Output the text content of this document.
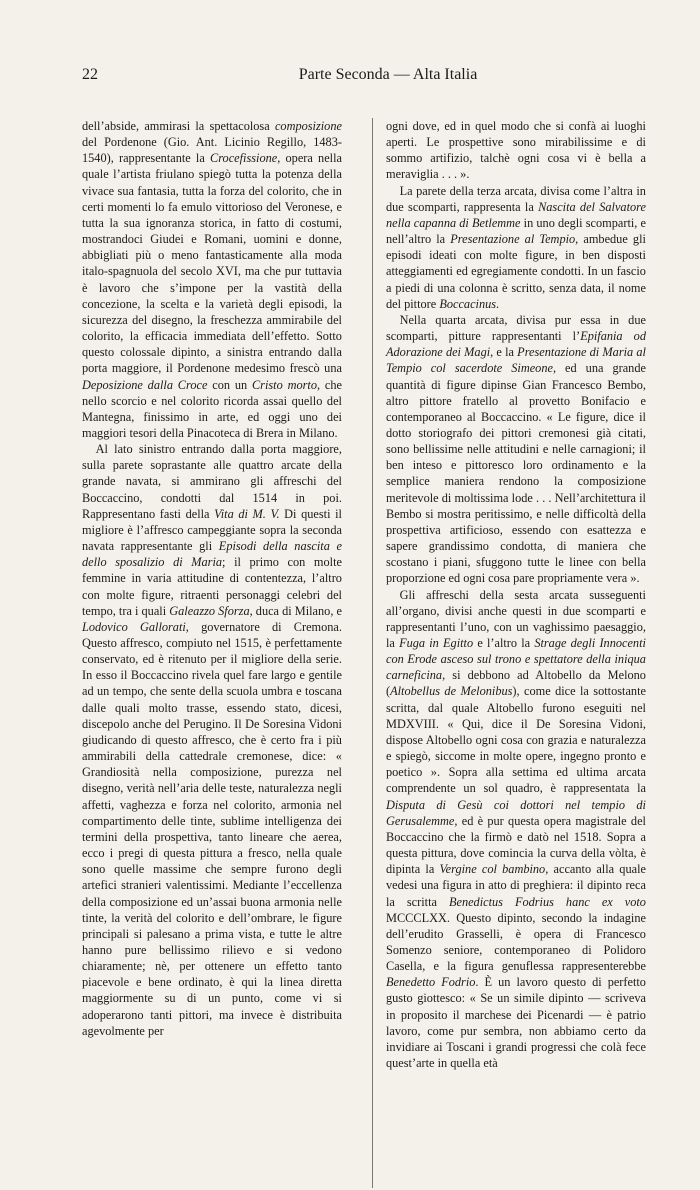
22	Parte Seconda — Alta Italia

dell’abside, ammirasi la spettacolosa composizione del Pordenone (Gio. Ant. Licinio Regillo, 1483-1540), rappresentante la Crocefissione, opera nella quale l’artista friulano spiegò tutta la potenza della vivace sua fantasia, tutta la forza del colorito, che in certi momenti lo fa emulo vittorioso del Veronese, e tutta la sua ignoranza storica, in fatto di costumi, mostrandoci Giudei e Romani, uomini e donne, abbigliati più o meno fantasticamente alla moda italo-spagnuola del secolo XVI, ma che pur tuttavia è lavoro che s’impone per la vastità della concezione, la scelta e la varietà degli episodi, la sicurezza del disegno, la freschezza ammirabile del colorito, la efficacia immediata dell’effetto. Sotto questo colossale dipinto, a sinistra entrando dalla porta maggiore, il Pordenone medesimo frescò una Deposizione dalla Croce con un Cristo morto, che nello scorcio e nel colorito ricorda assai quello del Mantegna, finissimo in arte, ed oggi uno dei maggiori tesori della Pinacoteca di Brera in Milano.

Al lato sinistro entrando dalla porta maggiore, sulla parete soprastante alle quattro arcate della grande navata, si ammirano gli affreschi del Boccaccino, condotti dal 1514 in poi. Rappresentano fasti della Vita di M. V. Di questi il migliore è l’affresco campeggiante sopra la seconda navata rappresentante gli Episodi della nascita e dello sposalizio di Maria; il primo con molte femmine in varia attitudine di contentezza, l’altro con molte figure, ritraenti personaggi celebri del tempo, tra i quali Galeazzo Sforza, duca di Milano, e Lodovico Gallorati, governatore di Cremona. Questo affresco, compiuto nel 1515, è perfettamente conservato, ed è ritenuto per il migliore della serie. In esso il Boccaccino rivela quel fare largo e gentile ad un tempo, che sente della scuola umbra e toscana dalle quali molto trasse, essendo stato, dicesi, discepolo anche del Perugino. Il De Soresina Vidoni giudicando di questo affresco, che è certo fra i più ammirabili della cattedrale cremonese, dice: « Grandiosità nella composizione, purezza nel disegno, verità nell’aria delle teste, naturalezza negli affetti, vaghezza e forza nel colorito, armonia nel compartimento delle tinte, sublime intelligenza dei termini della prospettiva, tanto lineare che aerea, ecco i pregi di questa pittura a fresco, nella quale sono quelle massime che sempre furono degli artefici stranieri valentissimi. Mediante l’eccellenza della composizione ed un’assai buona armonia nelle tinte, la verità del colorito e dell’ombrare, le figure principali si palesano a prima vista, e tutte le altre hanno pure bellissimo rilievo e si vedono chiaramente; nè, per ottenere un effetto tanto piacevole e bene ordinato, è qui la linea diretta maggiormente su di un punto, come vi si adoperarono tanti pittori, ma invece è distribuita agevolmente per

ogni dove, ed in quel modo che si confà ai luoghi aperti. Le prospettive sono mirabilissime e di sommo artifizio, talchè ogni cosa vi è bella a meraviglia . . . ».

La parete della terza arcata, divisa come l’altra in due scomparti, rappresenta la Nascita del Salvatore nella capanna di Betlemme in uno degli scomparti, e nell’altro la Presentazione al Tempio, ambedue gli episodi ideati con molte figure, in ben disposti atteggiamenti ed egregiamente condotti. In un fascio a piedi di una colonna è scritto, senza data, il nome del pittore Boccacinus.

Nella quarta arcata, divisa pur essa in due scomparti, pitture rappresentanti l’Epifania od Adorazione dei Magi, e la Presentazione di Maria al Tempio col sacerdote Simeone, ed una grande quantità di figure dipinse Gian Francesco Bembo, altro pittore fratello al provetto Bonifacio e contemporaneo al Boccaccino. « Le figure, dice il dotto storiografo dei pittori cremonesi già citati, sono bellissime nelle attitudini e nelle carnagioni; il ben inteso e pittoresco loro ordinamento e la semplice maniera rendono la composizione meritevole di moltissima lode . . . Nell’architettura il Bembo si mostra peritissimo, e nelle difficoltà della prospettiva artificioso, essendo con esattezza e sapere grandissimo condotta, di maniera che scostano i piani, sfuggono tutte le linee con bella proporzione ed ogni cosa pare propriamente vera ».

Gli affreschi della sesta arcata susseguenti all’organo, divisi anche questi in due scomparti e rappresentanti l’uno, con un vaghissimo paesaggio, la Fuga in Egitto e l’altro la Strage degli Innocenti con Erode asceso sul trono e spettatore della iniqua carneficina, si debbono ad Altobello da Melono (Altobellus de Melonibus), come dice la sottostante scritta, dal quale Altobello furono eseguiti nel MDXVIII. « Qui, dice il De Soresina Vidoni, dispose Altobello ogni cosa con grazia e naturalezza e spiegò, siccome in molte opere, ingegno pronto e poetico ». Sopra alla settima ed ultima arcata comprendente un sol quadro, è rappresentata la Disputa di Gesù coi dottori nel tempio di Gerusalemme, ed è pur questa opera magistrale del Boccaccino che la firmò e datò nel 1518. Sopra a questa pittura, dove comincia la curva della vòlta, è dipinta la Vergine col bambino, accanto alla quale vedesi una figura in atto di preghiera: il dipinto reca la scritta Benedictus Fodrius hanc ex voto MCCCLXX. Questo dipinto, secondo la indagine dell’erudito Grasselli, è opera di Francesco Somenzo seniore, contemporaneo di Polidoro Casella, e la figura genuflessa rappresenterebbe Benedetto Fodrio. È un lavoro questo di perfetto gusto giottesco: « Se un simile dipinto — scriveva in proposito il marchese dei Picenardi — è patrio lavoro, come pur sembra, non abbiamo certo da invidiare ai Toscani i grandi progressi che colà fece quest’arte in quella età
